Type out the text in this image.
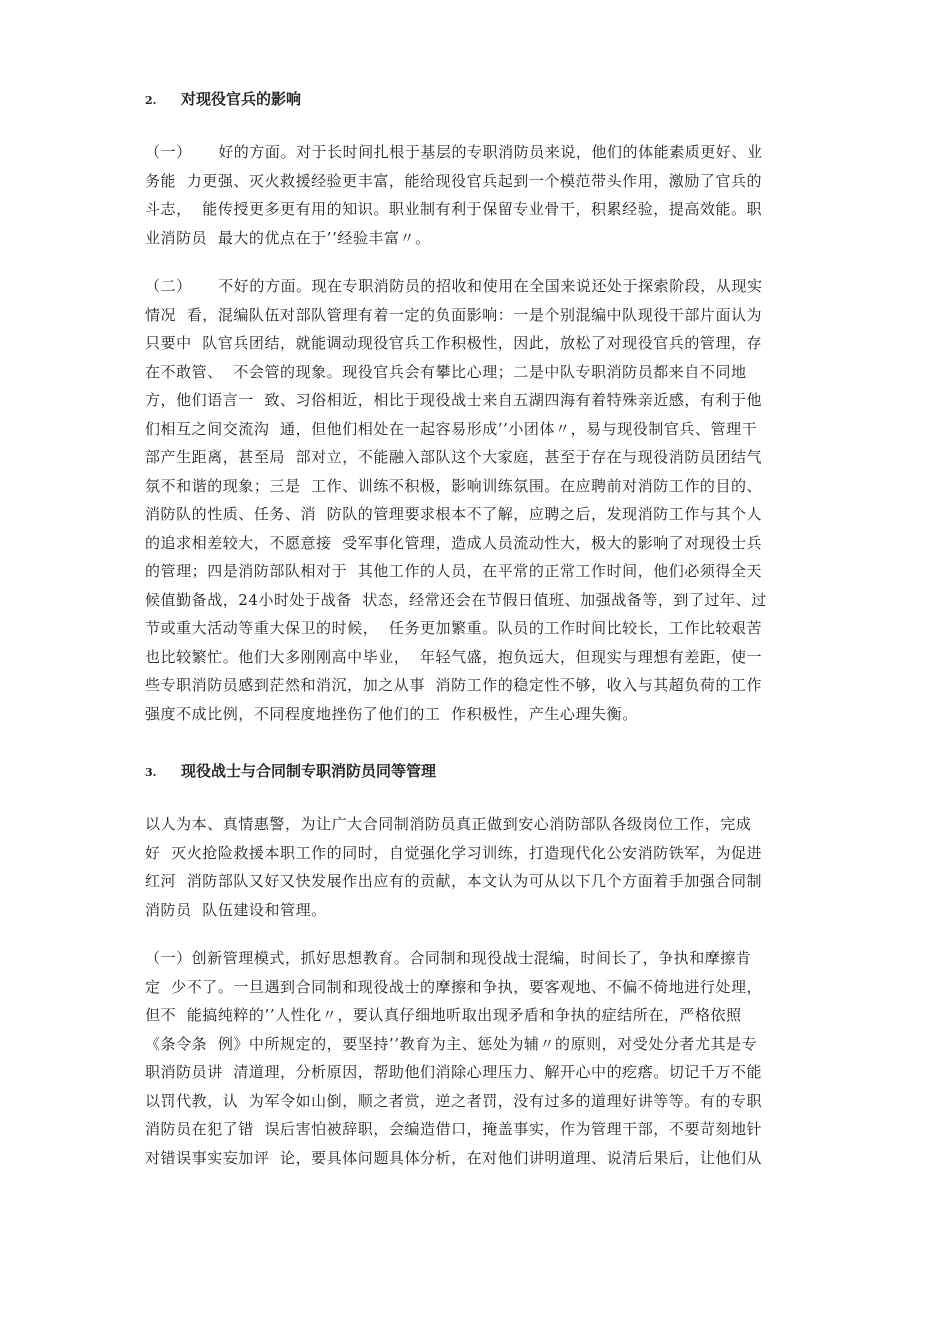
2. 对现役官兵的影响

（一）     好的方面。对于长时间扎根于基层的专职消防员来说，他们的体能素质更好、业
务能  力更强、灭火救援经验更丰富，能给现役官兵起到一个模范带头作用，激励了官兵的
斗志，  能传授更多更有用的知识。职业制有利于保留专业骨干，积累经验，提高效能。职
业消防员  最大的优点在于’’经验丰富〃。

（二）     不好的方面。现在专职消防员的招收和使用在全国来说还处于探索阶段，从现实
情况  看，混编队伍对部队管理有着一定的负面影响：一是个别混编中队现役干部片面认为
只要中  队官兵团结，就能调动现役官兵工作积极性，因此，放松了对现役官兵的管理，存
在不敢管、  不会管的现象。现役官兵会有攀比心理；二是中队专职消防员都来自不同地
方，他们语言一  致、习俗相近，相比于现役战士来自五湖四海有着特殊亲近感，有利于他
们相互之间交流沟  通，但他们相处在一起容易形成’’小团体〃，易与现役制官兵、管理干
部产生距离，甚至局  部对立，不能融入部队这个大家庭，甚至于存在与现役消防员团结气
氛不和谐的现象；三是  工作、训练不积极，影响训练氛围。在应聘前对消防工作的目的、
消防队的性质、任务、消  防队的管理要求根本不了解，应聘之后，发现消防工作与其个人
的追求相差较大，不愿意接  受军事化管理，造成人员流动性大，极大的影响了对现役士兵
的管理；四是消防部队相对于  其他工作的人员，在平常的正常工作时间，他们必须得全天
候值勤备战，24小时处于战备  状态，经常还会在节假日值班、加强战备等，到了过年、过
节或重大活动等重大保卫的时候，  任务更加繁重。队员的工作时间比较长，工作比较艰苦
也比较繁忙。他们大多刚刚高中毕业，  年轻气盛，抱负远大，但现实与理想有差距，使一
些专职消防员感到茫然和消沉，加之从事  消防工作的稳定性不够，收入与其超负荷的工作
强度不成比例，不同程度地挫伤了他们的工  作积极性，产生心理失衡。

3. 现役战士与合同制专职消防员同等管理

以人为本、真情惠警，为让广大合同制消防员真正做到安心消防部队各级岗位工作，完成
好  灭火抢险救援本职工作的同时，自觉强化学习训练，打造现代化公安消防铁军，为促进
红河  消防部队又好又快发展作出应有的贡献，本文认为可从以下几个方面着手加强合同制
消防员  队伍建设和管理。

（一）创新管理模式，抓好思想教育。合同制和现役战士混编，时间长了，争执和摩擦肯
定  少不了。一旦遇到合同制和现役战士的摩擦和争执，要客观地、不偏不倚地进行处理，
但不  能搞纯粹的’’人性化〃，要认真仔细地听取出现矛盾和争执的症结所在，严格依照
《条令条  例》中所规定的，要坚持’’教育为主、惩处为辅〃的原则，对受处分者尤其是专
职消防员讲  清道理，分析原因，帮助他们消除心理压力、解开心中的疙瘩。切记千万不能
以罚代教，认  为军令如山倒，顺之者赏，逆之者罚，没有过多的道理好讲等等。有的专职
消防员在犯了错  误后害怕被辞职，会编造借口，掩盖事实，作为管理干部，不要苛刻地针
对错误事实妄加评  论，要具体问题具体分析，在对他们讲明道理、说清后果后，让他们从
